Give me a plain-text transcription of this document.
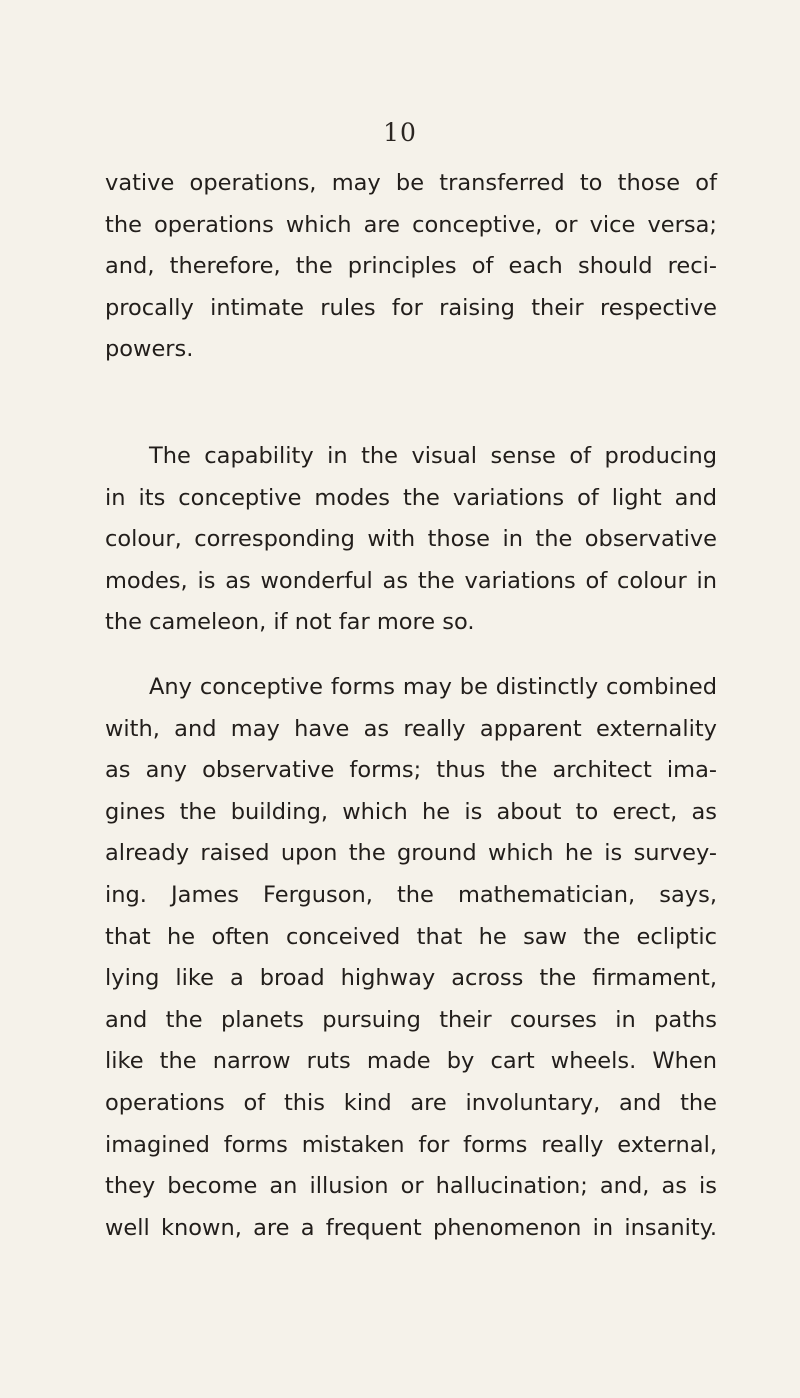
10
vative operations, may be transferred to those of
the operations which are conceptive, or vice versa;
and, therefore, the principles of each should reci-
procally intimate rules for raising their respective
powers.
The capability in the visual sense of producing
in its conceptive modes the variations of light and
colour, corresponding with those in the observative
modes, is as wonderful as the variations of colour in
the cameleon, if not far more so.
Any conceptive forms may be distinctly combined
with, and may have as really apparent externality
as any observative forms; thus the architect ima-
gines the building, which he is about to erect, as
already raised upon the ground which he is survey-
ing. James Ferguson, the mathematician, says,
that he often conceived that he saw the ecliptic
lying like a broad highway across the firmament,
and the planets pursuing their courses in paths
like the narrow ruts made by cart wheels. When
operations of this kind are involuntary, and the
imagined forms mistaken for forms really external,
they become an illusion or hallucination; and, as is
well known, are a frequent phenomenon in insanity.
